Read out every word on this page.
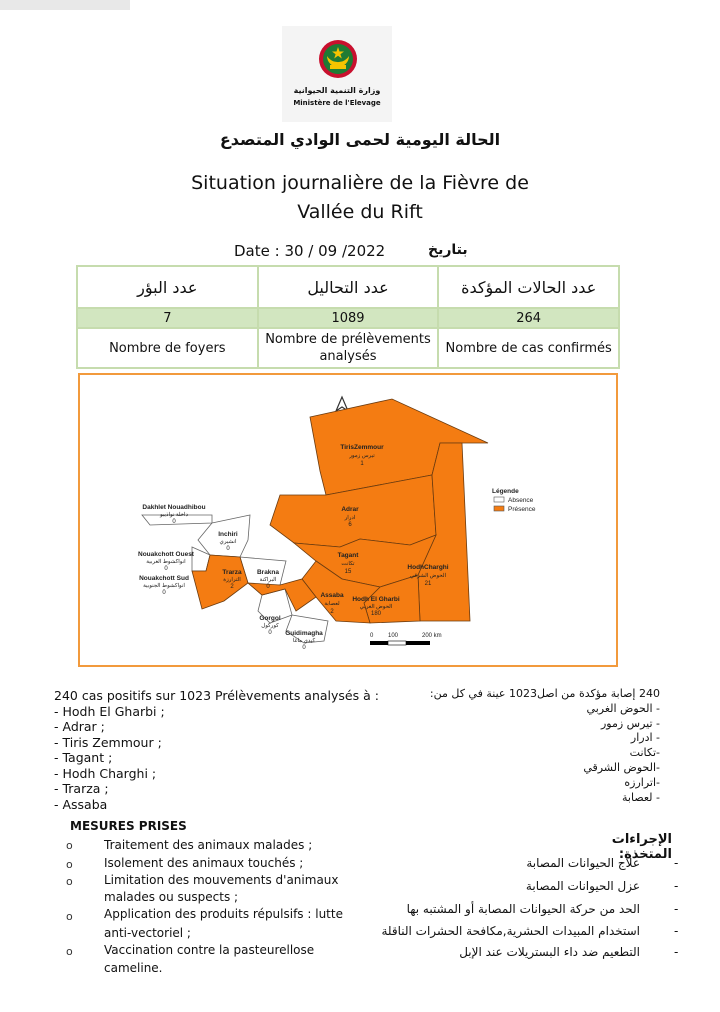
وزارة التنمية الحيوانية
Ministère de l'Elevage
الحالة اليومية لحمى الوادي المتصدع
Situation journalière de la Fièvre de
Vallée du Rift
Date : 30 / 09 /2022	بتاريخ
عدد البؤر	عدد التحاليل	عدد الحالات المؤكدة
7	1089	264
Nombre de foyers	Nombre de prélèvements analysés	Nombre de cas confirmés
TirisZemmour
تيرس زمور
1
Adrar
ادرار
6
Tagant
تكانت
15
HodhCharghi
الحوض الشرقي
21
Hodh El Gharbi
الحوض الغربي
180
Assaba
لعصابة
2
Trarza
الترارزة
2
Brakna
البراكنة
0
Inchiri
انشيري
0
Dakhlet Nouadhibou
داخلة نواذيبو
0
Nouakchott Ouest
انواكشوط الغربية
0
Nouakchott Sud
انواكشوط الجنوبية
0
Gorgol
كوركول
0 Guidimagha
كيدي ماغا
0
Légende
Absence
Présence
0 100	200 km
240 cas positifs sur 1023 Prélèvements analysés à :
- Hodh El Gharbi ;
- Adrar ;
- Tiris Zemmour ;
- Tagant ;
- Hodh Charghi ;
- Trarza ;
- Assaba
240 إصابة مؤكدة من اصل1023 عينة في كل من:
- الحوض الغربي
- تيرس زمور
- ادرار
-تكانت
-الحوض الشرقي
-اترارزه
- لعصابة
MESURES PRISES
o	Traitement des animaux malades ;
o	Isolement des animaux touchés ;
o	Limitation des mouvements d'animaux
malades ou suspects ;
o	Application des produits répulsifs : lutte
anti-vectoriel ;
o	Vaccination contre la pasteurellose
cameline.
الإجراءات المتخذة:
علاج الحيوانات المصابة	-
عزل الحيوانات المصابة	-
الحد من حركة الحيوانات المصابة أو المشتبه بها	-
استخدام المبيدات الحشرية,مكافحة الحشرات الناقلة	-
التطعيم ضد داء البستريلات عند الإبل	-
